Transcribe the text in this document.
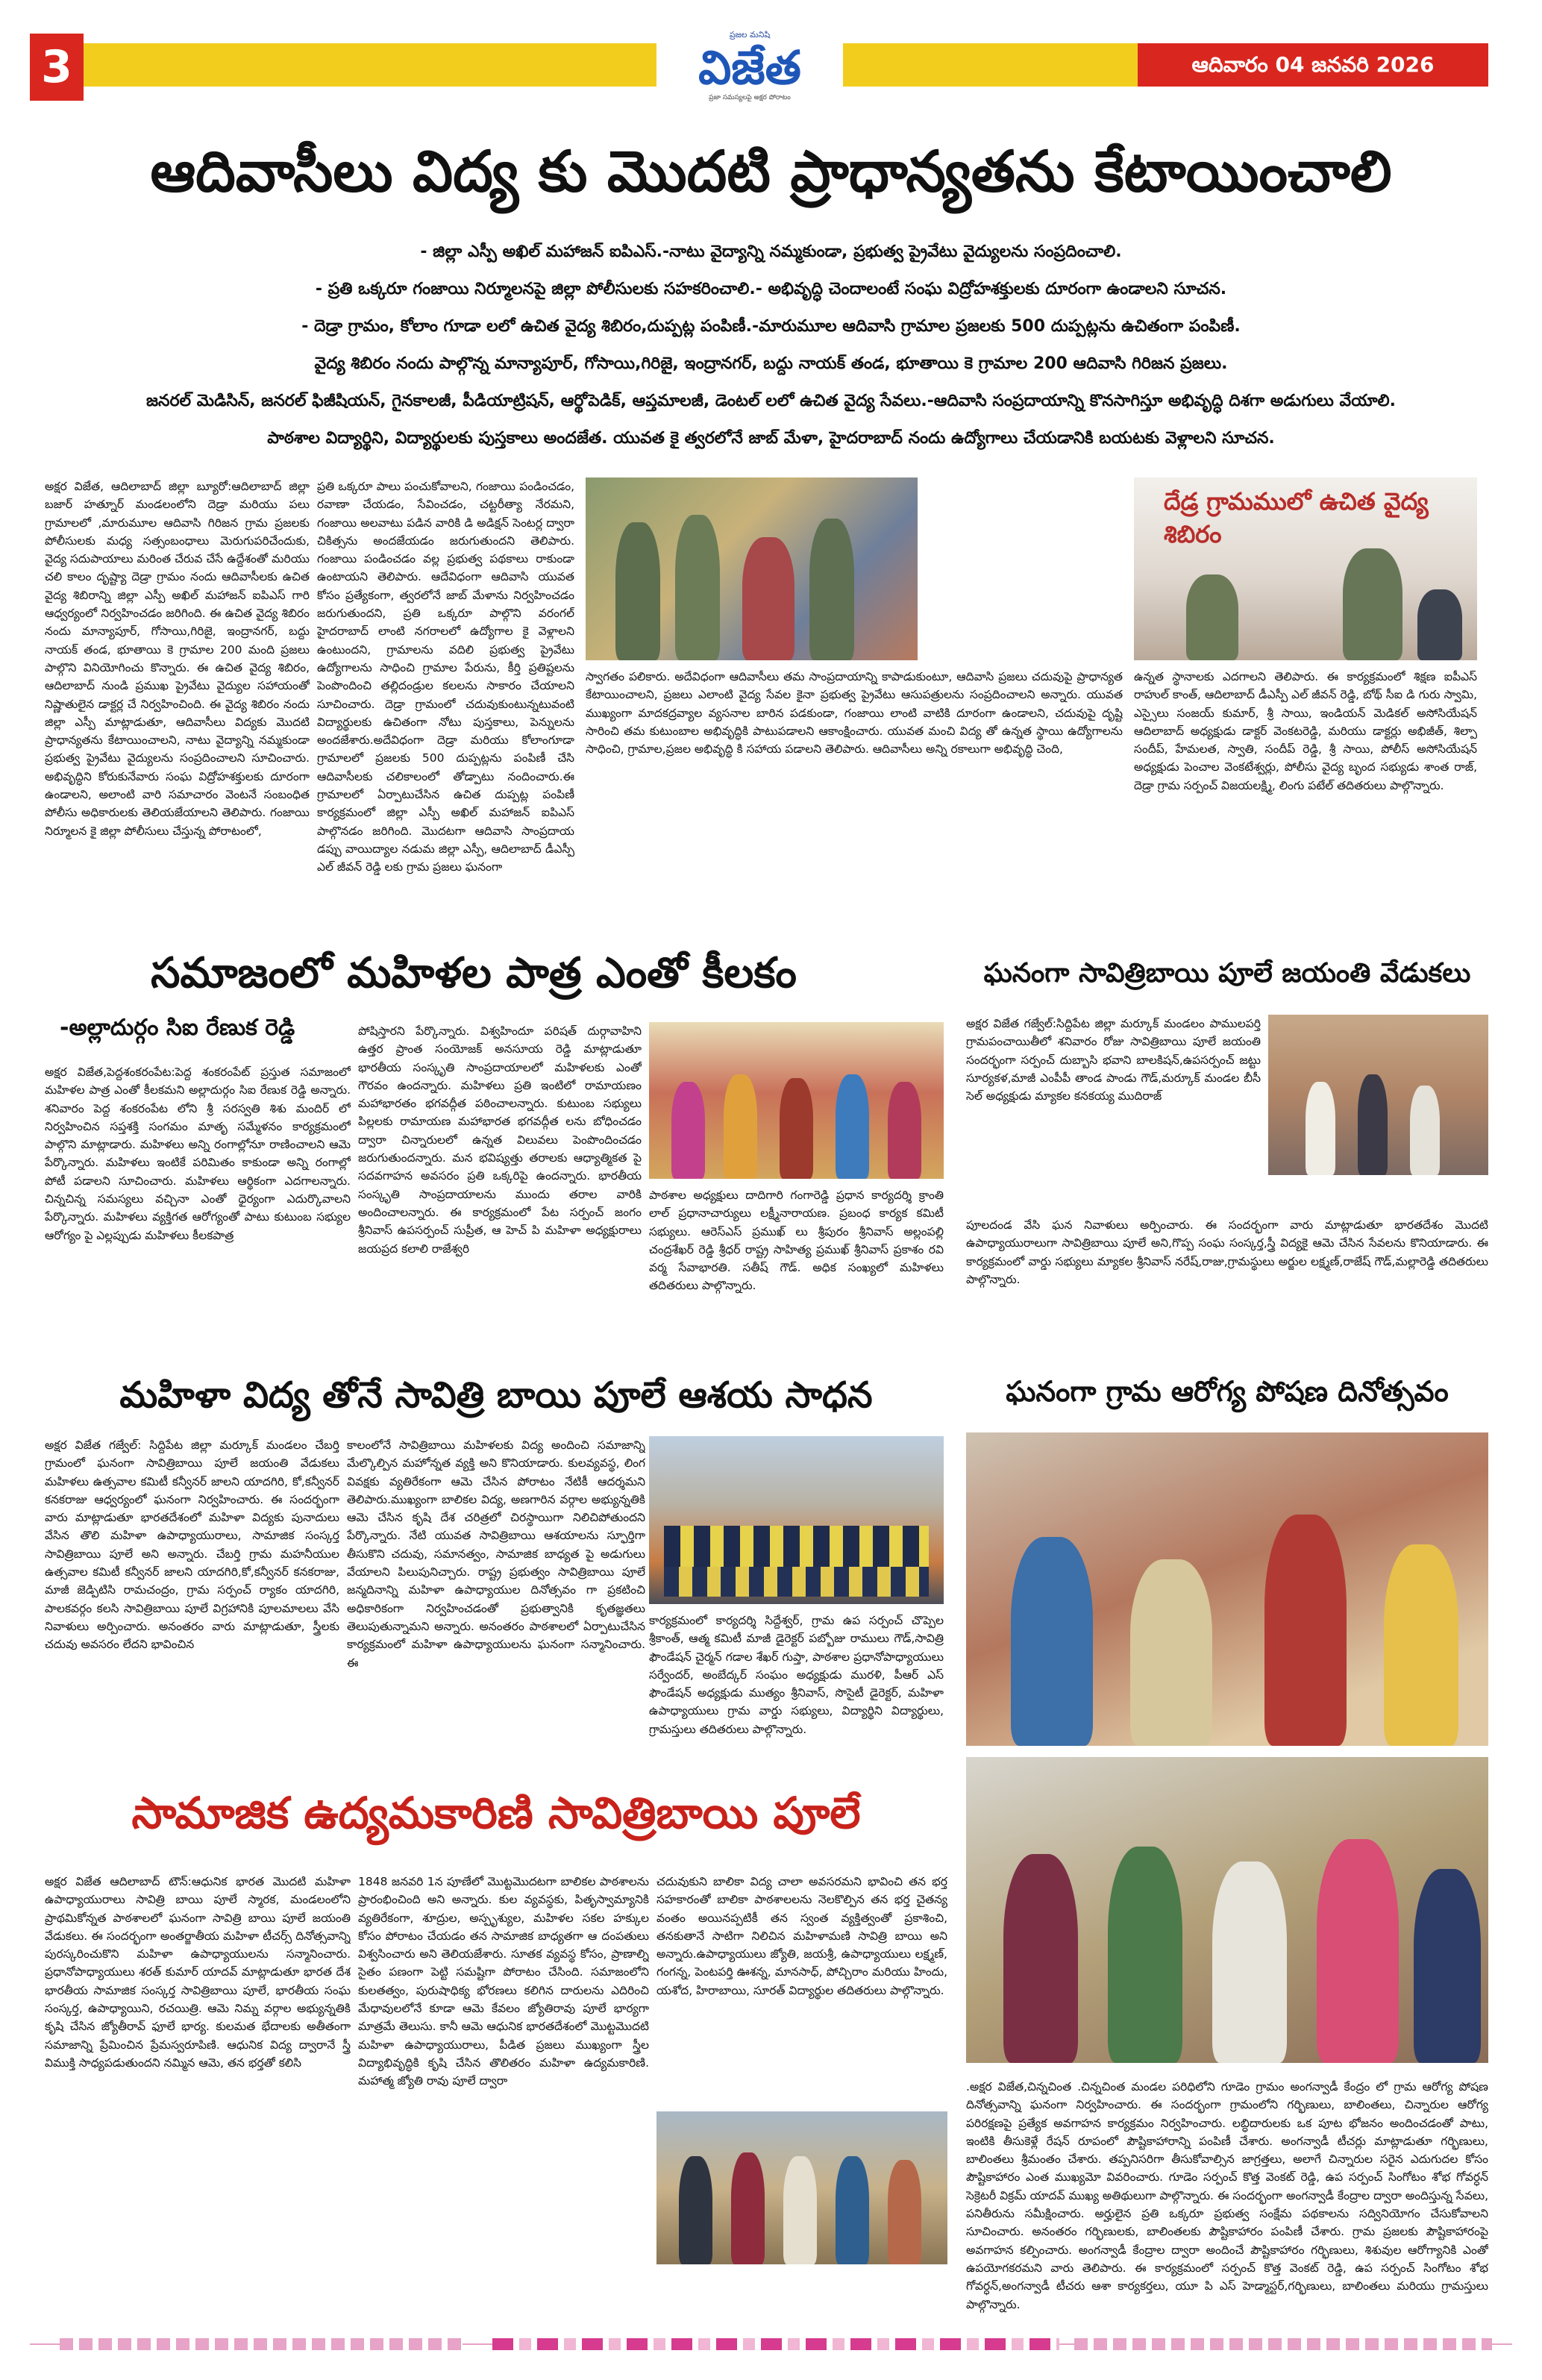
3
ప్రజల మనిషి
విజేత
ప్రజా సమస్యలపై అక్షర పోరాటం
ఆదివారం 04 జనవరి 2026
ఆదివాసీలు విద్య కు మొదటి ప్రాధాన్యతను కేటాయించాలి
- జిల్లా ఎస్పీ అఖిల్ మహాజన్ ఐపిఎస్.-నాటు వైద్యాన్ని నమ్మకుండా, ప్రభుత్వ ప్రైవేటు వైద్యులను సంప్రదించాలి.
- ప్రతి ఒక్కరూ గంజాయి నిర్మూలనపై జిల్లా పోలీసులకు సహకరించాలి.- అభివృద్ధి చెందాలంటే సంఘ విద్రోహశక్తులకు దూరంగా ఉండాలని సూచన.
- దెడ్రా గ్రామం, కోలాం గూడా లలో ఉచిత వైద్య శిబిరం,దుప్పట్ల పంపిణీ.-మారుమూల ఆదివాసి గ్రామాల ప్రజలకు 500 దుప్పట్లను ఉచితంగా పంపిణీ.
వైద్య శిబిరం నందు పాల్గొన్న మాన్యాపూర్, గోసాయి,గిరిజై, ఇంద్రానగర్, బద్దు నాయక్ తండ, భూతాయి కె గ్రామాల 200 ఆదివాసి గిరిజన ప్రజలు.
జనరల్ మెడిసిన్, జనరల్ ఫిజీషియన్, గైనకాలజీ, పీడియాట్రిషన్, ఆర్థోపెడిక్, ఆప్తమాలజీ, డెంటల్ లలో ఉచిత వైద్య సేవలు.-ఆదివాసి సంప్రదాయాన్ని కొనసాగిస్తూ అభివృద్ధి దిశగా అడుగులు వేయాలి.
పాఠశాల విద్యార్థిని, విద్యార్థులకు పుస్తకాలు అందజేత. యువత కై త్వరలోనే జాబ్ మేళా, హైదరాబాద్ నందు ఉద్యోగాలు చేయడానికి బయటకు వెళ్లాలని సూచన.
అక్షర విజేత, ఆదిలాబాద్ జిల్లా బ్యూరో:ఆదిలాబాద్ జిల్లా బజార్ హత్నూర్ మండలంలోని దెడ్రా మరియు పలు గ్రామాలలో ,మారుమూల ఆదివాసి గిరిజన గ్రామ ప్రజలకు పోలీసులకు మధ్య సత్సంబంధాలు మెరుగుపరిచేందుకు, వైద్య సదుపాయాలు మరింత చేరువ చేసే ఉద్దేశంతో మరియు చలి కాలం దృష్ట్యా దెడ్రా గ్రామం నందు ఆదివాసీలకు ఉచిత వైద్య శిబిరాన్ని జిల్లా ఎస్పీ అఖిల్ మహాజన్ ఐపిఎస్ గారి ఆధ్వర్యంలో నిర్వహించడం జరిగింది. ఈ ఉచిత వైద్య శిబిరం నందు మాన్యాపూర్, గోసాయి,గిరిజై, ఇంద్రానగర్, బద్దు నాయక్ తండ, భూతాయి కె గ్రామాల 200 మంది ప్రజలు పాల్గొని వినియోగించు కొన్నారు. ఈ ఉచిత వైద్య శిబిరం, ఆదిలాబాద్ నుండి ప్రముఖ ప్రైవేటు వైద్యుల సహాయంతో నిష్ణాతులైన డాక్టర్ల చే నిర్వహించింది. ఈ వైద్య శిబిరం నందు జిల్లా ఎస్పీ మాట్లాడుతూ, ఆదివాసీలు విద్యకు మొదటి ప్రాధాన్యతను కేటాయించాలని, నాటు వైద్యాన్ని నమ్మకుండా ప్రభుత్వ ప్రైవేటు వైద్యులను సంప్రదించాలని సూచించారు. అభివృద్ధిని కోరుకునేవారు సంఘ విద్రోహశక్తులకు దూరంగా ఉండాలని, అలాంటి వారి సమాచారం వెంటనే సంబంధిత పోలీసు అధికారులకు తెలియజేయాలని తెలిపారు. గంజాయి నిర్మూలన కై జిల్లా పోలీసులు చేస్తున్న పోరాటంలో,
ప్రతి ఒక్కరూ పాలు పంచుకోవాలని, గంజాయి పండించడం, రవాణా చేయడం, సేవించడం, చట్టరీత్యా నేరమని, గంజాయి అలవాటు పడిన వారికి డి అడిక్షన్ సెంటర్ల ద్వారా చికిత్సను అందజేయడం జరుగుతుందని తెలిపారు. గంజాయి పండించడం వల్ల ప్రభుత్వ పథకాలు రాకుండా ఉంటాయని తెలిపారు. ఆదేవిధంగా ఆదివాసి యువత కోసం ప్రత్యేకంగా, త్వరలోనే జాబ్ మేళాను నిర్వహించడం జరుగుతుందని, ప్రతి ఒక్కరూ పాల్గొని వరంగల్ హైదరాబాద్ లాంటి నగరాలలో ఉద్యోగాల కై వెళ్లాలని ఉంటుందని, గ్రామాలను వదిలి ప్రభుత్వ ప్రైవేటు ఉద్యోగాలను సాధించి గ్రామాల పేరును, కీర్తి ప్రతిష్టలను పెంపొందించి తల్లిదండ్రుల కలలను సాకారం చేయాలని సూచించారు. దెడ్రా గ్రామంలో చదువుకుంటున్నటువంటి విద్యార్థులకు ఉచితంగా నోటు పుస్తకాలు, పెన్నులను అందజేశారు.అదేవిధంగా దెడ్రా మరియు కోలాంగూడా గ్రామాలలో ప్రజలకు 500 దుప్పట్లను పంపిణీ చేసి ఆదివాసీలకు చలికాలంలో తోడ్పాటు నందించారు.ఈ గ్రామాలలో ఏర్పాటుచేసిన ఉచిత దుప్పట్ల పంపిణీ కార్యక్రమంలో జిల్లా ఎస్పీ అఖిల్ మహాజన్ ఐపిఎస్ పాల్గొనడం జరిగింది. మొదటగా ఆదివాసి సాంప్రదాయ డప్పు వాయిద్యాల నడుమ జిల్లా ఎస్పీ, ఆదిలాబాద్ డీఎస్పీ ఎల్ జీవన్ రెడ్డి లకు గ్రామ ప్రజలు ఘనంగా
దేడ్ర గ్రామములో ఉచిత వైద్య శిబిరం
స్వాగతం పలికారు. అదేవిధంగా ఆదివాసీలు తమ సాంప్రదాయాన్ని కాపాడుకుంటూ, ఆదివాసి ప్రజలు చదువుపై ప్రాధాన్యత కేటాయించాలని, ప్రజలు ఎలాంటి వైద్య సేవల కైనా ప్రభుత్వ ప్రైవేటు ఆసుపత్రులను సంప్రదించాలని అన్నారు. యువత ముఖ్యంగా మాదకద్రవ్యాల వ్యసనాల బారిన పడకుండా, గంజాయి లాంటి వాటికి దూరంగా ఉండాలని, చదువుపై దృష్టి సారించి తమ కుటుంబాల అభివృద్ధికి పాటుపడాలని ఆకాంక్షించారు. యువత మంచి విద్య తో ఉన్నత స్థాయి ఉద్యోగాలను సాధించి, గ్రామాల,ప్రజల అభివృద్ధి కి సహాయ పడాలని తెలిపారు. ఆదివాసీలు అన్ని రకాలుగా అభివృద్ధి చెంది,
ఉన్నత స్థానాలకు ఎదగాలని తెలిపారు. ఈ కార్యక్రమంలో శిక్షణ ఐపీఎస్ రాహుల్ కాంత్, ఆదిలాబాద్ డీఎస్పీ ఎల్ జీవన్ రెడ్డి, బోథ్ సీఐ డి గురు స్వామి, ఎస్సైలు సంజయ్ కుమార్, శ్రీ సాయి, ఇండియన్ మెడికల్ అసోసియేషన్ ఆదిలాబాద్ అధ్యక్షుడు డాక్టర్ వెంకటరెడ్డి, మరియు డాక్టర్లు అభిజీత్, శిల్పా సందీప్, హేమలత, స్వాతి, సందీప్ రెడ్డి, శ్రీ సాయి, పోలీస్ అసోసియేషన్ అధ్యక్షుడు పెంచాల వెంకటేశ్వర్లు, పోలీసు వైద్య బృంద సభ్యుడు శాంత రాజ్, దెడ్రా గ్రామ సర్పంచ్ విజయలక్ష్మి, లింగు పటేల్ తదితరులు పాల్గొన్నారు.
సమాజంలో మహిళల పాత్ర ఎంతో కీలకం
-అల్లాదుర్గం సిఐ రేణుక రెడ్డి
అక్షర విజేత,పెద్దశంకరంపేట:పెద్ద శంకరంపేట్ ప్రస్తుత సమాజంలో మహిళల పాత్ర ఎంతో కీలకమని అల్లాదుర్గం సిఐ రేణుక రెడ్డి అన్నారు. శనివారం పెద్ద శంకరంపేట లోని శ్రీ సరస్వతి శిశు మందిర్ లో నిర్వహించిన సప్తశక్తి సంగమం మాతృ సమ్మేళనం కార్యక్రమంలో పాల్గొని మాట్లాడారు. మహిళలు అన్ని రంగాల్లోనూ రాణించాలని ఆమె పేర్కొన్నారు. మహిళలు ఇంటికే పరిమితం కాకుండా అన్ని రంగాల్లో పోటీ పడాలని సూచించారు. మహిళలు ఆర్థికంగా ఎదగాలన్నారు. చిన్నచిన్న సమస్యలు వచ్చినా ఎంతో ధైర్యంగా ఎదుర్కొవాలని పేర్కొన్నారు. మహిళలు వ్యక్తిగత ఆరోగ్యంతో పాటు కుటుంబ సభ్యుల ఆరోగ్యం పై ఎల్లప్పుడు మహిళలు కీలకపాత్ర
పోషిస్తారని పేర్కొన్నారు. విశ్వహిందూ పరిషత్ దుర్గావాహిని ఉత్తర ప్రాంత సంయోజక్ అనసూయ రెడ్డి మాట్లాడుతూ భారతీయ సంస్కృతి సాంప్రదాయాలలో మహిళలకు ఎంతో గౌరవం ఉందన్నారు. మహిళలు ప్రతి ఇంటిలో రామాయణం మహాభారతం భగవద్గీత పఠించాలన్నారు. కుటుంబ సభ్యులు పిల్లలకు రామాయణ మహాభారత భగవద్గీత లను బోధించడం ద్వారా చిన్నారులలో ఉన్నత విలువలు పెంపొందించడం జరుగుతుందన్నారు. మన భవిష్యత్తు తరాలకు ఆధ్యాత్మికత పై సదవగాహన అవసరం ప్రతి ఒక్కరిపై ఉందన్నారు. భారతీయ సంస్కృతి సాంప్రదాయాలను ముందు తరాల వారికి అందించాలన్నారు. ఈ కార్యక్రమంలో పేట సర్పంచ్ జంగం శ్రీనివాస్ ఉపసర్పంచ్ సుప్రీత, ఆ హెచ్ పి మహిళా అధ్యక్షురాలు జయప్రద కలాలి రాజేశ్వరి
పాఠశాల అధ్యక్షులు దాదిగారి గంగారెడ్డి ప్రధాన కార్యదర్శి క్రాంతి లాల్ ప్రధానాచార్యులు లక్ష్మీనారాయణ. ప్రబంధ కార్యక కమిటీ సభ్యులు. ఆరెస్ఎస్ ప్రముఖ్ లు శ్రీపురం శ్రీనివాస్ అల్లంపల్లి చంద్రశేఖర్ రెడ్డి శ్రీధర్ రాష్ట్ర సాహిత్య ప్రముఖ్ శ్రీనివాస్ ప్రకాశం రవి వర్మ సేవాభారతి. సతీష్ గౌడ్. అధిక సంఖ్యలో మహిళలు తదితరులు పాల్గొన్నారు.
ఘనంగా సావిత్రిబాయి పూలే జయంతి వేడుకలు
అక్షర విజేత గజ్వేల్:సిద్దిపేట జిల్లా మర్కూక్ మండలం పాములపర్తి గ్రామపంచాయితీలో శనివారం రోజు సావిత్రిబాయి పూలే జయంతి సందర్భంగా సర్పంచ్ దుబ్బాసి భవాని బాలకిషన్,ఉపసర్పంచ్ జట్టు సూర్యకళ,మాజీ ఎంపీపీ తాండ పాండు గౌడ్,మర్కూక్ మండల బీసీ సెల్ అధ్యక్షుడు మ్యాకల కనకయ్య ముదిరాజ్
పూలదండ వేసి ఘన నివాళులు అర్పించారు. ఈ సందర్భంగా వారు మాట్లాడుతూ భారతదేశం మొదటి ఉపాధ్యాయురాలుగా సావిత్రిబాయి పూలే అని,గొప్ప సంఘ సంస్కర్త,స్త్రీ విద్యకై ఆమె చేసిన సేవలను కొనియాడారు. ఈ కార్యక్రమంలో వార్డు సభ్యులు మ్యాకల శ్రీనివాస్ నరేష్,రాజు,గ్రామస్థులు అర్జుల లక్ష్మణ్,రాజేష్ గౌడ్,మల్లారెడ్డి తదితరులు పాల్గొన్నారు.
ఘనంగా గ్రామ ఆరోగ్య పోషణ దినోత్సవం
మహిళా విద్య తోనే సావిత్రి బాయి పూలే ఆశయ సాధన
అక్షర విజేత గజ్వేల్: సిద్దిపేట జిల్లా మర్కూక్ మండలం చేబర్తి గ్రామంలో ఘనంగా సావిత్రిబాయి పూలే జయంతి వేడుకలు మహిళలు ఉత్సవాల కమిటీ కన్వీనర్ జాలని యాదగిరి, కో,కన్వీనర్ కనకరాజు ఆధ్వర్యంలో ఘనంగా నిర్వహించారు. ఈ సందర్భంగా వారు మాట్లాడుతూ భారతదేశంలో మహిళా విద్యకు పునాదులు వేసిన తొలి మహిళా ఉపాధ్యాయురాలు, సామాజిక సంస్కర్త సావిత్రిబాయి పూలే అని అన్నారు. చేబర్తి గ్రామ మహనీయుల ఉత్సవాల కమిటీ కన్వీనర్ జాలని యాదగిరి,కో,కన్వీనర్ కనకరాజు, మాజీ జెడ్పిటిసి రామచంద్రం, గ్రామ సర్పంచ్ ర్యాకం యాదగిరి, పాలకవర్గం కలసి సావిత్రిబాయి పూలే విగ్రహానికి పూలమాలలు వేసి నివాళులు అర్పించారు. అనంతరం వారు మాట్లాడుతూ, స్త్రీలకు చదువు అవసరం లేదని భావించిన
కాలంలోనే సావిత్రిబాయి మహిళలకు విద్య అందించి సమాజాన్ని మేల్కొల్పిన మహోన్నత వ్యక్తి అని కొనియాడారు. కులవ్యవస్థ, లింగ వివక్షకు వ్యతిరేకంగా ఆమె చేసిన పోరాటం నేటికీ ఆదర్శమని తెలిపారు.ముఖ్యంగా బాలికల విద్య, అణగారిన వర్గాల అభ్యున్నతికి ఆమె చేసిన కృషి దేశ చరిత్రలో చిరస్థాయిగా నిలిచిపోతుందని పేర్కొన్నారు. నేటి యువత సావిత్రిబాయి ఆశయాలను స్ఫూర్తిగా తీసుకొని చదువు, సమానత్వం, సామాజిక బాధ్యత పై అడుగులు వేయాలని పిలుపునిచ్చారు. రాష్ట్ర ప్రభుత్వం సావిత్రిబాయి పూలే జన్మదినాన్ని మహిళా ఉపాధ్యాయుల దినోత్సవం గా ప్రకటించి అధికారికంగా నిర్వహించడంతో ప్రభుత్వానికి కృతజ్ఞతలు తెలుపుతున్నామని అన్నారు. అనంతరం పాఠశాలలో ఏర్పాటుచేసిన కార్యక్రమంలో మహిళా ఉపాధ్యాయులను ఘనంగా సన్మానించారు. ఈ
కార్యక్రమంలో కార్యదర్శి సిద్దేశ్వర్, గ్రామ ఉప సర్పంచ్ చొప్పెల శ్రీకాంత్, ఆత్మ కమిటీ మాజీ డైరెక్టర్ పబ్బోజు రాములు గౌడ్,సావిత్రి ఫౌండేషన్ చైర్మన్ గడాల శేఖర్ గుప్తా, పాఠశాల ప్రధానోపాధ్యాయులు సర్వేందర్, అంబేద్కర్ సంఘం అధ్యక్షుడు మురళి, పీఆర్ ఎస్ ఫౌండేషన్ అధ్యక్షుడు ముత్యం శ్రీనివాస్, సొసైటీ డైరెక్టర్, మహిళా ఉపాధ్యాయులు గ్రామ వార్డు సభ్యులు, విద్యార్థిని విద్యార్థులు, గ్రామస్తులు తదితరులు పాల్గొన్నారు.
సామాజిక ఉద్యమకారిణి సావిత్రిబాయి పూలే
అక్షర విజేత ఆదిలాబాద్ టౌన్:ఆధునిక భారత మొదటి మహిళా ఉపాధ్యాయురాలు సావిత్రి బాయి పూలే స్మారక, మండలంలోని ప్రాథమికోన్నత పాఠశాలలో ఘనంగా సావిత్రి బాయి పూలే జయంతి వేడుకలు. ఈ సందర్భంగా అంతర్జాతీయ మహిళా టీచర్స్ దినోత్సవాన్ని పురస్కరించుకొని మహిళా ఉపాధ్యాయులను సన్మానించారు. ప్రధానోపాధ్యాయులు శరత్ కుమార్ యాదవ్ మాట్లాడుతూ భారత దేశ భారతీయ సామాజిక సంస్కర్త సావిత్రిబాయి పూలే, భారతీయ సంఘ సంస్కర్త, ఉపాధ్యాయిని, రచయిత్రి. ఆమె నిమ్న వర్గాల అభ్యున్నతికి కృషి చేసిన జ్యోతీరావ్ ఫూలే భార్య. కులమత భేదాలకు అతీతంగా సమాజాన్ని ప్రేమించిన ప్రేమస్వరూపిణి. ఆధునిక విద్య ద్వారానే స్త్రీ విముక్తి సాధ్యపడుతుందని నమ్మిన ఆమె, తన భర్తతో కలిసి
1848 జనవరి 1న పూణేలో మొట్టమొదటగా బాలికల పాఠశాలను ప్రారంభించింది అని అన్నారు. కుల వ్యవస్థకు, పితృస్వామ్యానికి వ్యతిరేకంగా, శూద్రుల, అస్పృశ్యుల, మహిళల సకల హక్కుల కోసం పోరాటం చేయడం తన సామాజిక బాధ్యతగా ఆ దంపతులు విశ్వసించారు అని తెలియజేశారు. సూతక వ్యవస్థ కోసం, ప్రాణాల్ని సైతం పణంగా పెట్టి సమష్టిగా పోరాటం చేసింది. సమాజంలోని కులతత్వం, పురుషాధిక్య భోరణలు కలిగిన దారులను ఎదిరించి మేధావులలోనే కూడా ఆమె కేవలం జ్యోతిరావు పూలే భార్యగా మాత్రమే తెలుసు. కానీ ఆమె ఆధునిక భారతదేశంలో మొట్టమొదటి మహిళా ఉపాధ్యాయురాలు, పీడిత ప్రజలు ముఖ్యంగా స్త్రీల విద్యాభివృద్ధికి కృషి చేసిన తొలితరం మహిళా ఉద్యమకారిణి. మహాత్మ జ్యోతి రావు పూలే ద్వారా
చదువుకుని బాలికా విద్య చాలా అవసరమని భావించి తన భర్త సహకారంతో బాలికా పాఠశాలలను నెలకొల్పిన తన భర్త చైతన్య వంతం అయినప్పటికీ తన స్వంత వ్యక్తిత్వంతో ప్రకాశించి, తనకుతానే సాటిగా నిలిచిన మహిళామణి సావిత్రి బాయి అని అన్నారు.ఉపాధ్యాయులు జ్యోతి, జయశ్రీ, ఉపాధ్యాయులు లక్ష్మణ్, గంగన్న, పెంటపర్తి ఊశన్న, మానసాధ్, పోచ్చిరాం మరియు హిందు, యశోద, హిరాబాయి, సూరత్ విద్యార్థుల తదితరులు పాల్గొన్నారు.
.అక్షర విజేత,చిన్నచింత .చిన్నచింత మండల పరిధిలోని గూడెం గ్రామం అంగన్వాడీ కేంద్రం లో గ్రామ ఆరోగ్య పోషణ దినోత్సవాన్ని ఘనంగా నిర్వహించారు. ఈ సందర్భంగా గ్రామంలోని గర్భిణులు, బాలింతలు, చిన్నారుల ఆరోగ్య పరిరక్షణపై ప్రత్యేక అవగాహన కార్యక్రమం నిర్వహించారు. లబ్ధిదారులకు ఒక పూట భోజనం అందించడంతో పాటు, ఇంటికి తీసుకెళ్లే రేషన్ రూపంలో పౌష్టికాహారాన్ని పంపిణీ చేశారు. అంగన్వాడీ టీచర్లు మాట్లాడుతూ గర్భిణులు, బాలింతలు శ్రీమంతం చేశారు. తప్పనిసరిగా తీసుకోవాల్సిన జాగ్రత్తలు, అలాగే చిన్నారుల సరైన ఎదుగుదల కోసం పౌష్టికాహారం ఎంత ముఖ్యమో వివరించారు. గూడెం సర్పంచ్ కొత్త వెంకట్ రెడ్డి, ఉప సర్పంచ్ సింగోటం శోభ గోవర్ధన్ సెక్రెటరీ విక్రమ్ యాదవ్ ముఖ్య అతిథులుగా పాల్గొన్నారు. ఈ సందర్భంగా అంగన్వాడీ కేంద్రాల ద్వారా అందిస్తున్న సేవలు, పనితీరును సమీక్షించారు. అర్హులైన ప్రతి ఒక్కరూ ప్రభుత్వ సంక్షేమ పథకాలను సద్వినియోగం చేసుకోవాలని సూచించారు. అనంతరం గర్భిణులకు, బాలింతలకు పౌష్టికాహారం పంపిణీ చేశారు. గ్రామ ప్రజలకు పౌష్టికాహారంపై అవగాహన కల్పించారు. అంగన్వాడీ కేంద్రాల ద్వారా అందించే పౌష్టికాహారం గర్భిణులు, శిశువుల ఆరోగ్యానికి ఎంతో ఉపయోగకరమని వారు తెలిపారు. ఈ కార్యక్రమంలో సర్పంచ్ కొత్త వెంకట్ రెడ్డి, ఉప సర్పంచ్ సింగోటం శోభ గోవర్ధన్,అంగన్వాడీ టీచరు ఆశా కార్యకర్తలు, యూ పి ఎస్ హెడ్మాస్టర్,గర్భిణులు, బాలింతలు మరియు గ్రామస్తులు పాల్గొన్నారు.
